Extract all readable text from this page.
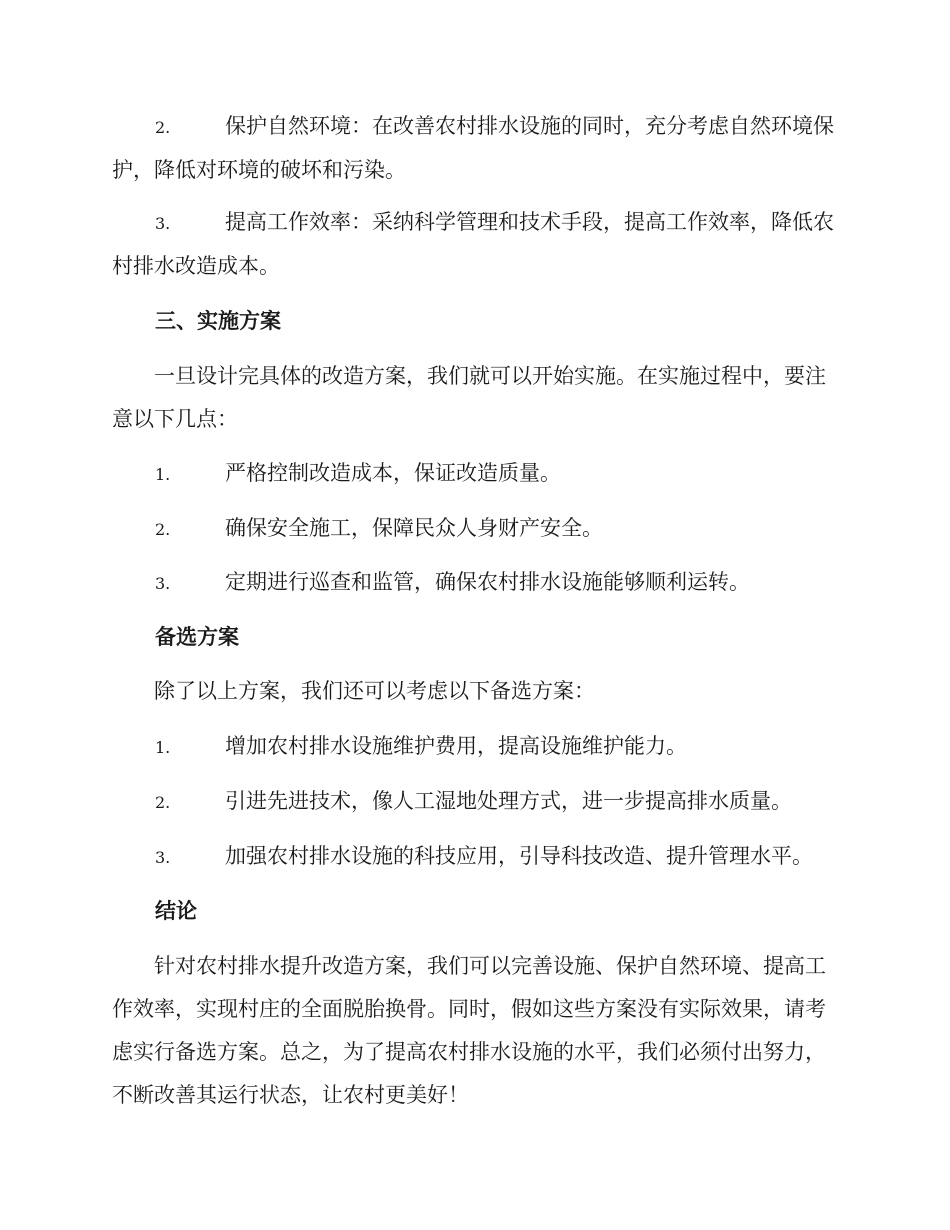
2.	保护自然环境：在改善农村排水设施的同时，充分考虑自然环境保护，降低对环境的破坏和污染。

3.	提高工作效率：采纳科学管理和技术手段，提高工作效率，降低农村排水改造成本。

三、实施方案

一旦设计完具体的改造方案，我们就可以开始实施。在实施过程中，要注意以下几点：

1.	严格控制改造成本，保证改造质量。
2.	确保安全施工，保障民众人身财产安全。
3.	定期进行巡查和监管，确保农村排水设施能够顺利运转。
备选方案

除了以上方案，我们还可以考虑以下备选方案：

1.	增加农村排水设施维护费用，提高设施维护能力。
2.	引进先进技术，像人工湿地处理方式，进一步提高排水质量。
3.	加强农村排水设施的科技应用，引导科技改造、提升管理水平。
结论

针对农村排水提升改造方案，我们可以完善设施、保护自然环境、提高工作效率，实现村庄的全面脱胎换骨。同时，假如这些方案没有实际效果，请考虑实行备选方案。总之，为了提高农村排水设施的水平，我们必须付出努力，不断改善其运行状态，让农村更美好！
